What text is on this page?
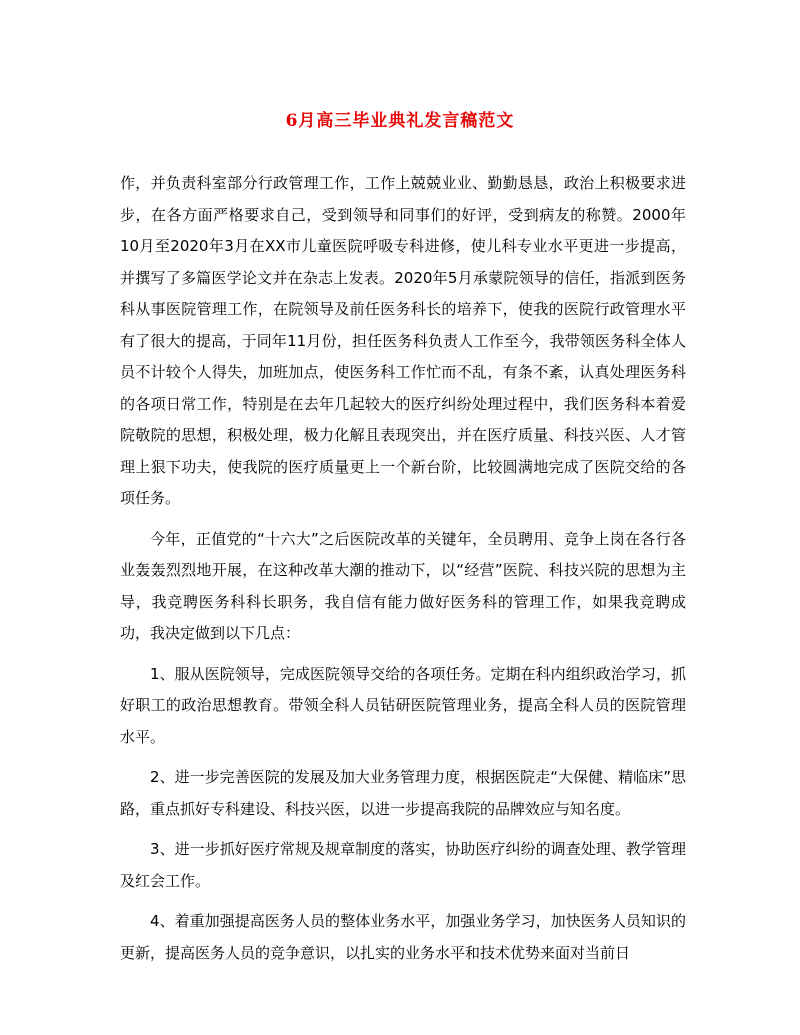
6月高三毕业典礼发言稿范文

作，并负责科室部分行政管理工作，工作上兢兢业业、勤勤恳恳，政治上积极要求进步，在各方面严格要求自己，受到领导和同事们的好评，受到病友的称赞。2000年10月至2020年3月在XX市儿童医院呼吸专科进修，使儿科专业水平更进一步提高，并撰写了多篇医学论文并在杂志上发表。2020年5月承蒙院领导的信任，指派到医务科从事医院管理工作，在院领导及前任医务科长的培养下，使我的医院行政管理水平有了很大的提高，于同年11月份，担任医务科负责人工作至今，我带领医务科全体人员不计较个人得失，加班加点，使医务科工作忙而不乱，有条不紊，认真处理医务科的各项日常工作，特别是在去年几起较大的医疗纠纷处理过程中，我们医务科本着爱院敬院的思想，积极处理，极力化解且表现突出，并在医疗质量、科技兴医、人才管理上狠下功夫，使我院的医疗质量更上一个新台阶，比较圆满地完成了医院交给的各项任务。

今年，正值党的“十六大”之后医院改革的关键年，全员聘用、竞争上岗在各行各业轰轰烈烈地开展，在这种改革大潮的推动下，以“经营”医院、科技兴院的思想为主导，我竞聘医务科科长职务，我自信有能力做好医务科的管理工作，如果我竞聘成功，我决定做到以下几点：

1、服从医院领导，完成医院领导交给的各项任务。定期在科内组织政治学习，抓好职工的政治思想教育。带领全科人员钻研医院管理业务，提高全科人员的医院管理水平。

2、进一步完善医院的发展及加大业务管理力度，根据医院走“大保健、精临床”思路，重点抓好专科建设、科技兴医，以进一步提高我院的品牌效应与知名度。

3、进一步抓好医疗常规及规章制度的落实，协助医疗纠纷的调查处理、教学管理及红会工作。

4、着重加强提高医务人员的整体业务水平，加强业务学习，加快医务人员知识的更新，提高医务人员的竞争意识，以扎实的业务水平和技术优势来面对当前日
